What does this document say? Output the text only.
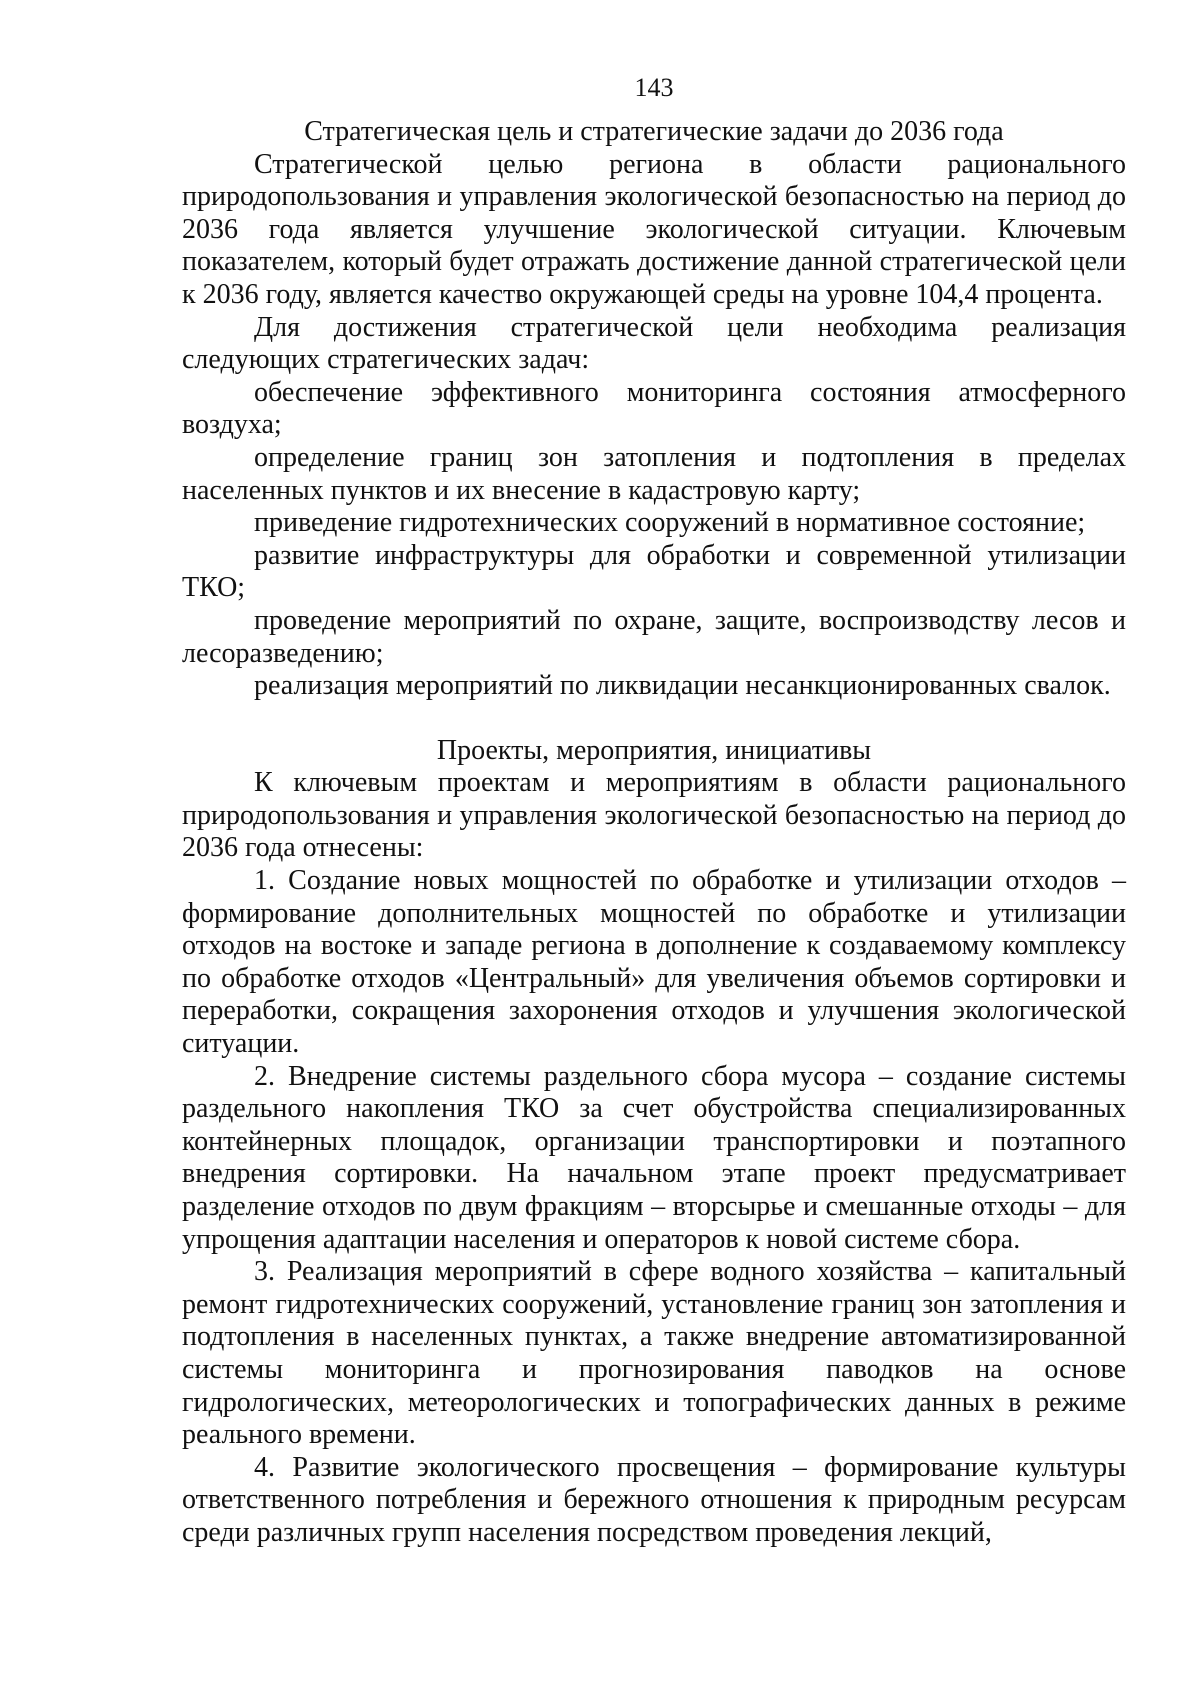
143
Стратегическая цель и стратегические задачи до 2036 года

Стратегической целью региона в области рационального природопользования и управления экологической безопасностью на период до 2036 года является улучшение экологической ситуации. Ключевым показателем, который будет отражать достижение данной стратегической цели к 2036 году, является качество окружающей среды на уровне 104,4 процента.

Для достижения стратегической цели необходима реализация следующих стратегических задач:

обеспечение эффективного мониторинга состояния атмосферного воздуха;

определение границ зон затопления и подтопления в пределах населенных пунктов и их внесение в кадастровую карту;

приведение гидротехнических сооружений в нормативное состояние;

развитие инфраструктуры для обработки и современной утилизации ТКО;

проведение мероприятий по охране, защите, воспроизводству лесов и лесоразведению;

реализация мероприятий по ликвидации несанкционированных свалок.

Проекты, мероприятия, инициативы

К ключевым проектам и мероприятиям в области рационального природопользования и управления экологической безопасностью на период до 2036 года отнесены:

1. Создание новых мощностей по обработке и утилизации отходов – формирование дополнительных мощностей по обработке и утилизации отходов на востоке и западе региона в дополнение к создаваемому комплексу по обработке отходов «Центральный» для увеличения объемов сортировки и переработки, сокращения захоронения отходов и улучшения экологической ситуации.

2. Внедрение системы раздельного сбора мусора – создание системы раздельного накопления ТКО за счет обустройства специализированных контейнерных площадок, организации транспортировки и поэтапного внедрения сортировки. На начальном этапе проект предусматривает разделение отходов по двум фракциям – вторсырье и смешанные отходы – для упрощения адаптации населения и операторов к новой системе сбора.

3. Реализация мероприятий в сфере водного хозяйства – капитальный ремонт гидротехнических сооружений, установление границ зон затопления и подтопления в населенных пунктах, а также внедрение автоматизированной системы мониторинга и прогнозирования паводков на основе гидрологических, метеорологических и топографических данных в режиме реального времени.

4. Развитие экологического просвещения – формирование культуры ответственного потребления и бережного отношения к природным ресурсам среди различных групп населения посредством проведения лекций,
